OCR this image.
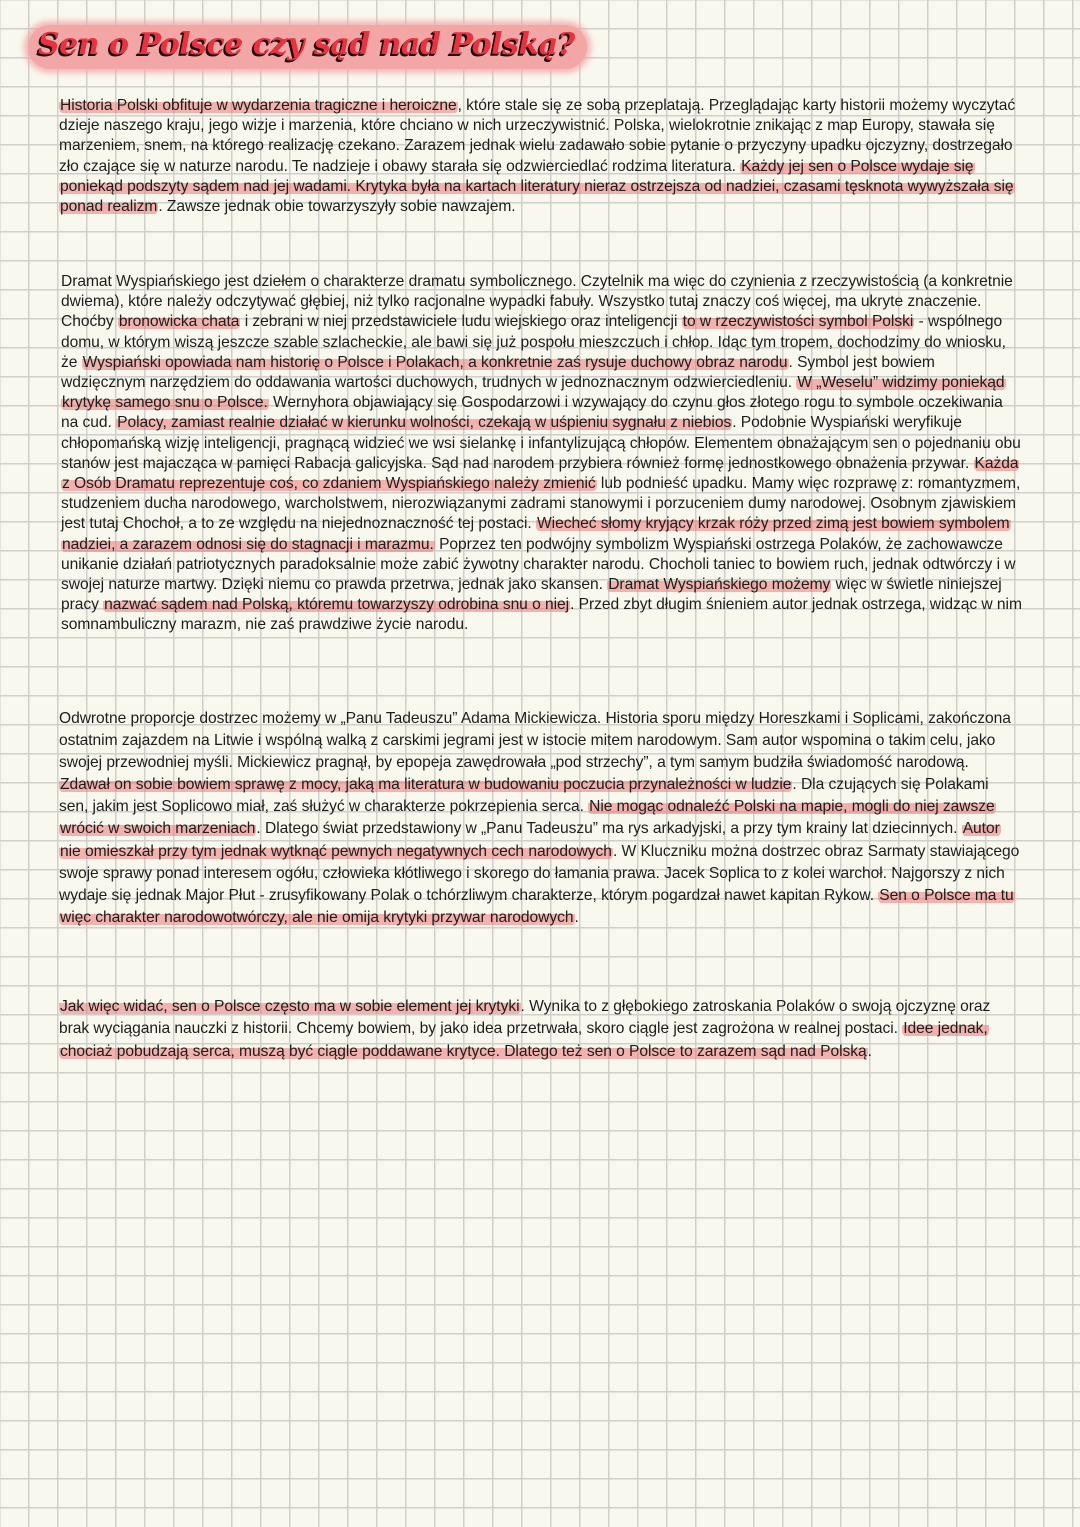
Sen o Polsce czy sąd nad Polską?

Historia Polski obfituje w wydarzenia tragiczne i heroiczne, które stale się ze sobą przeplatają. Przeglądając karty historii możemy wyczytać dzieje naszego kraju, jego wizje i marzenia, które chciano w nich urzeczywistnić. Polska, wielokrotnie znikając z map Europy, stawała się marzeniem, snem, na którego realizację czekano. Zarazem jednak wielu zadawało sobie pytanie o przyczyny upadku ojczyzny, dostrzegało zło czające się w naturze narodu. Te nadzieje i obawy starała się odzwierciedlać rodzima literatura. Każdy jej sen o Polsce wydaje się poniekąd podszyty sądem nad jej wadami. Krytyka była na kartach literatury nieraz ostrzejsza od nadziei, czasami tęsknota wywyższała się ponad realizm. Zawsze jednak obie towarzyszyły sobie nawzajem.

Dramat Wyspiańskiego jest dziełem o charakterze dramatu symbolicznego. Czytelnik ma więc do czynienia z rzeczywistością (a konkretnie dwiema), które należy odczytywać głębiej, niż tylko racjonalne wypadki fabuły. Wszystko tutaj znaczy coś więcej, ma ukryte znaczenie. Choćby bronowicka chata i zebrani w niej przedstawiciele ludu wiejskiego oraz inteligencji to w rzeczywistości symbol Polski - wspólnego domu, w którym wiszą jeszcze szable szlacheckie, ale bawi się już pospołu mieszczuch i chłop. Idąc tym tropem, dochodzimy do wniosku, że Wyspiański opowiada nam historię o Polsce i Polakach, a konkretnie zaś rysuje duchowy obraz narodu. Symbol jest bowiem wdzięcznym narzędziem do oddawania wartości duchowych, trudnych w jednoznacznym odzwierciedleniu. W „Weselu” widzimy poniekąd krytykę samego snu o Polsce. Wernyhora objawiający się Gospodarzowi i wzywający do czynu głos złotego rogu to symbole oczekiwania na cud. Polacy, zamiast realnie działać w kierunku wolności, czekają w uśpieniu sygnału z niebios. Podobnie Wyspiański weryfikuje chłopomańską wizję inteligencji, pragnącą widzieć we wsi sielankę i infantylizującą chłopów. Elementem obnażającym sen o pojednaniu obu stanów jest majacząca w pamięci Rabacja galicyjska. Sąd nad narodem przybiera również formę jednostkowego obnażenia przywar. Każda z Osób Dramatu reprezentuje coś, co zdaniem Wyspiańskiego należy zmienić lub podnieść upadku. Mamy więc rozprawę z: romantyzmem, studzeniem ducha narodowego, warcholstwem, nierozwiązanymi zadrami stanowymi i porzuceniem dumy narodowej. Osobnym zjawiskiem jest tutaj Chochoł, a to ze względu na niejednoznaczność tej postaci. Wiecheć słomy kryjący krzak róży przed zimą jest bowiem symbolem nadziei, a zarazem odnosi się do stagnacji i marazmu. Poprzez ten podwójny symbolizm Wyspiański ostrzega Polaków, że zachowawcze unikanie działań patriotycznych paradoksalnie może zabić żywotny charakter narodu. Chocholi taniec to bowiem ruch, jednak odtwórczy i w swojej naturze martwy. Dzięki niemu co prawda przetrwa, jednak jako skansen. Dramat Wyspiańskiego możemy więc w świetle niniejszej pracy nazwać sądem nad Polską, któremu towarzyszy odrobina snu o niej. Przed zbyt długim śnieniem autor jednak ostrzega, widząc w nim somnambuliczny marazm, nie zaś prawdziwe życie narodu.

Odwrotne proporcje dostrzec możemy w „Panu Tadeuszu” Adama Mickiewicza. Historia sporu między Horeszkami i Soplicami, zakończona ostatnim zajazdem na Litwie i wspólną walką z carskimi jegrami jest w istocie mitem narodowym. Sam autor wspomina o takim celu, jako swojej przewodniej myśli. Mickiewicz pragnął, by epopeja zawędrowała „pod strzechy”, a tym samym budziła świadomość narodową. Zdawał on sobie bowiem sprawę z mocy, jaką ma literatura w budowaniu poczucia przynależności w ludzie. Dla czujących się Polakami sen, jakim jest Soplicowo miał, zaś służyć w charakterze pokrzepienia serca. Nie mogąc odnaleźć Polski na mapie, mogli do niej zawsze wrócić w swoich marzeniach. Dlatego świat przedstawiony w „Panu Tadeuszu” ma rys arkadyjski, a przy tym krainy lat dziecinnych. Autor nie omieszkał przy tym jednak wytknąć pewnych negatywnych cech narodowych. W Kluczniku można dostrzec obraz Sarmaty stawiającego swoje sprawy ponad interesem ogółu, człowieka kłótliwego i skorego do łamania prawa. Jacek Soplica to z kolei warchoł. Najgorszy z nich wydaje się jednak Major Płut - zrusyfikowany Polak o tchórzliwym charakterze, którym pogardzał nawet kapitan Rykow. Sen o Polsce ma tu więc charakter narodowotwórczy, ale nie omija krytyki przywar narodowych.

Jak więc widać, sen o Polsce często ma w sobie element jej krytyki. Wynika to z głębokiego zatroskania Polaków o swoją ojczyznę oraz brak wyciągania nauczki z historii. Chcemy bowiem, by jako idea przetrwała, skoro ciągle jest zagrożona w realnej postaci. Idee jednak, chociaż pobudzają serca, muszą być ciągle poddawane krytyce. Dlatego też sen o Polsce to zarazem sąd nad Polską.
